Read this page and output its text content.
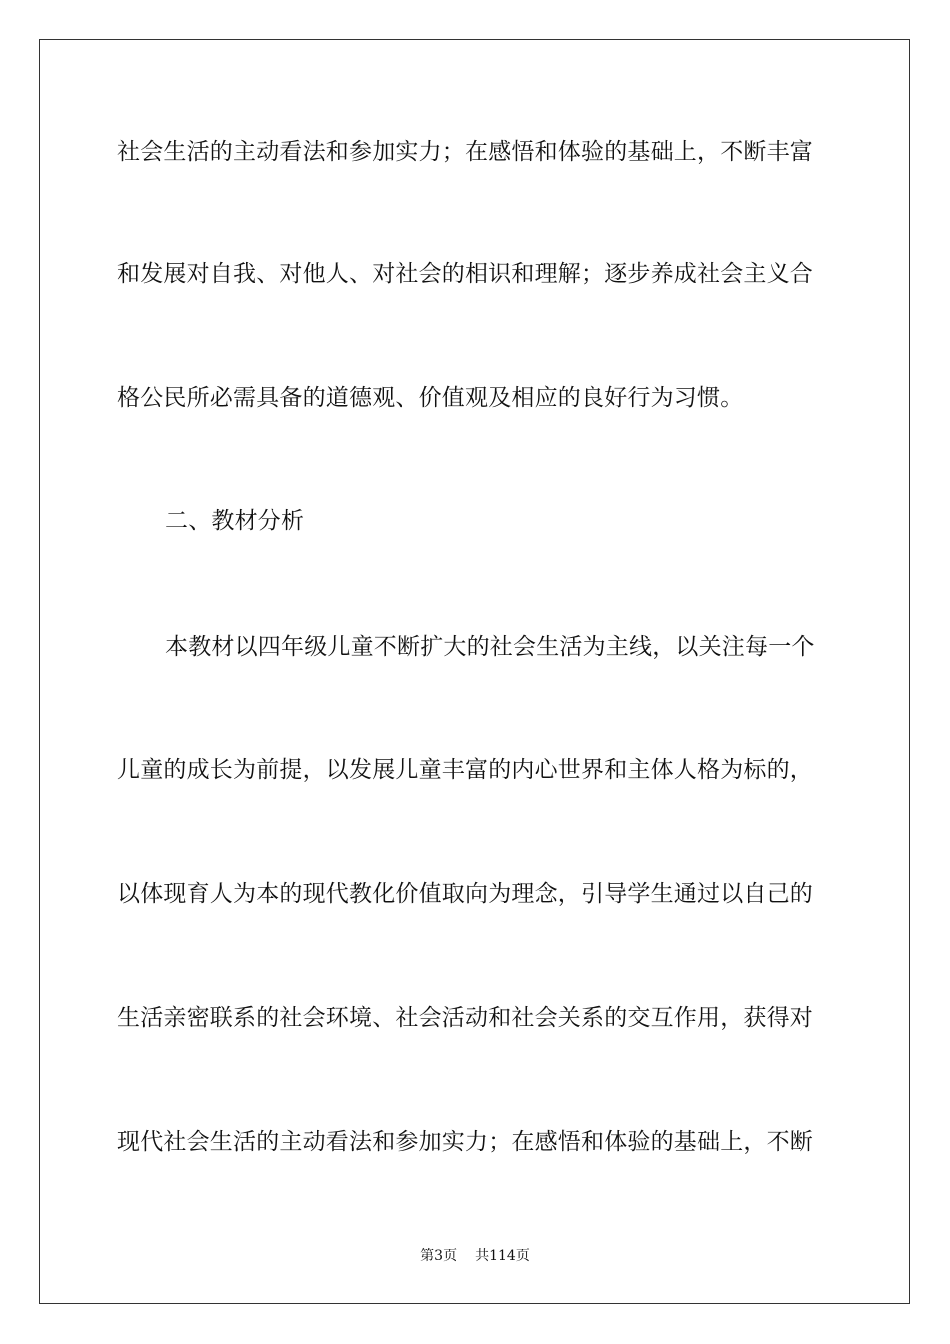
社会生活的主动看法和参加实力；在感悟和体验的基础上，不断丰富
和发展对自我、对他人、对社会的相识和理解；逐步养成社会主义合
格公民所必需具备的道德观、价值观及相应的良好行为习惯。
二、教材分析
本教材以四年级儿童不断扩大的社会生活为主线，以关注每一个
儿童的成长为前提，以发展儿童丰富的内心世界和主体人格为标的，
以体现育人为本的现代教化价值取向为理念，引导学生通过以自己的
生活亲密联系的社会环境、社会活动和社会关系的交互作用，获得对
现代社会生活的主动看法和参加实力；在感悟和体验的基础上，不断
第3页 共114页
